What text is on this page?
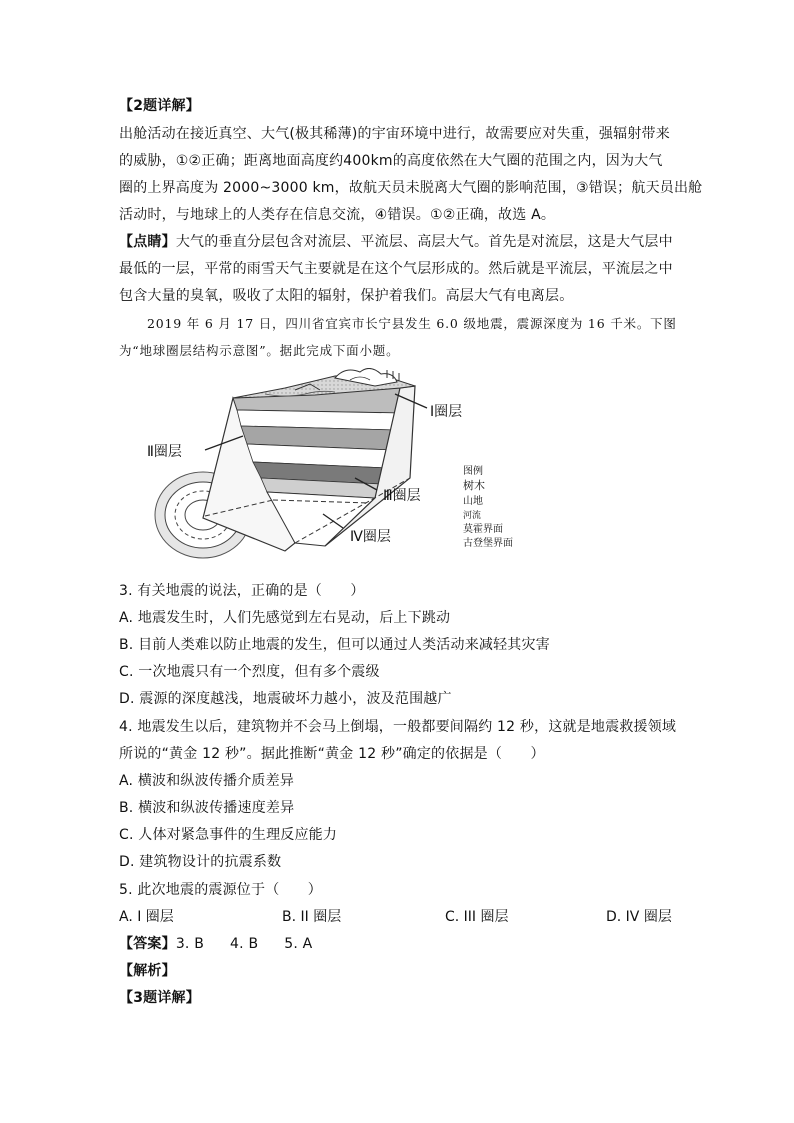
【2题详解】
出舱活动在接近真空、大气(极其稀薄)的宇宙环境中进行，故需要应对失重，强辐射带来
的威胁，①②正确；距离地面高度约400km的高度依然在大气圈的范围之内，因为大气
圈的上界高度为 2000~3000 km，故航天员未脱离大气圈的影响范围，③错误；航天员出舱
活动时，与地球上的人类存在信息交流，④错误。①②正确，故选 A。
【点睛】大气的垂直分层包含对流层、平流层、高层大气。首先是对流层，这是大气层中
最低的一层，平常的雨雪天气主要就是在这个气层形成的。然后就是平流层，平流层之中
包含大量的臭氧，吸收了太阳的辐射，保护着我们。高层大气有电离层。
2019 年 6 月 17 日，四川省宜宾市长宁县发生 6.0 级地震，震源深度为 16 千米。下图
为“地球圈层结构示意图”。据此完成下面小题。
Ⅱ圈层
Ⅰ圈层
Ⅲ圈层
Ⅳ圈层
图例
树木
山地
河流
莫霍界面
古登堡界面
3. 有关地震的说法，正确的是（　　）
A. 地震发生时，人们先感觉到左右晃动，后上下跳动
B. 目前人类难以防止地震的发生，但可以通过人类活动来减轻其灾害
C. 一次地震只有一个烈度，但有多个震级
D. 震源的深度越浅，地震破坏力越小，波及范围越广
4. 地震发生以后，建筑物并不会马上倒塌，一般都要间隔约 12 秒，这就是地震救援领域
所说的“黄金 12 秒”。据此推断“黄金 12 秒”确定的依据是（　　）
A. 横波和纵波传播介质差异
B. 横波和纵波传播速度差异
C. 人体对紧急事件的生理反应能力
D. 建筑物设计的抗震系数
5. 此次地震的震源位于（　　）
A. I 圈层	B. II 圈层	C. III 圈层	D. IV 圈层
【答案】3. B 4. B 5. A
【解析】
【3题详解】
